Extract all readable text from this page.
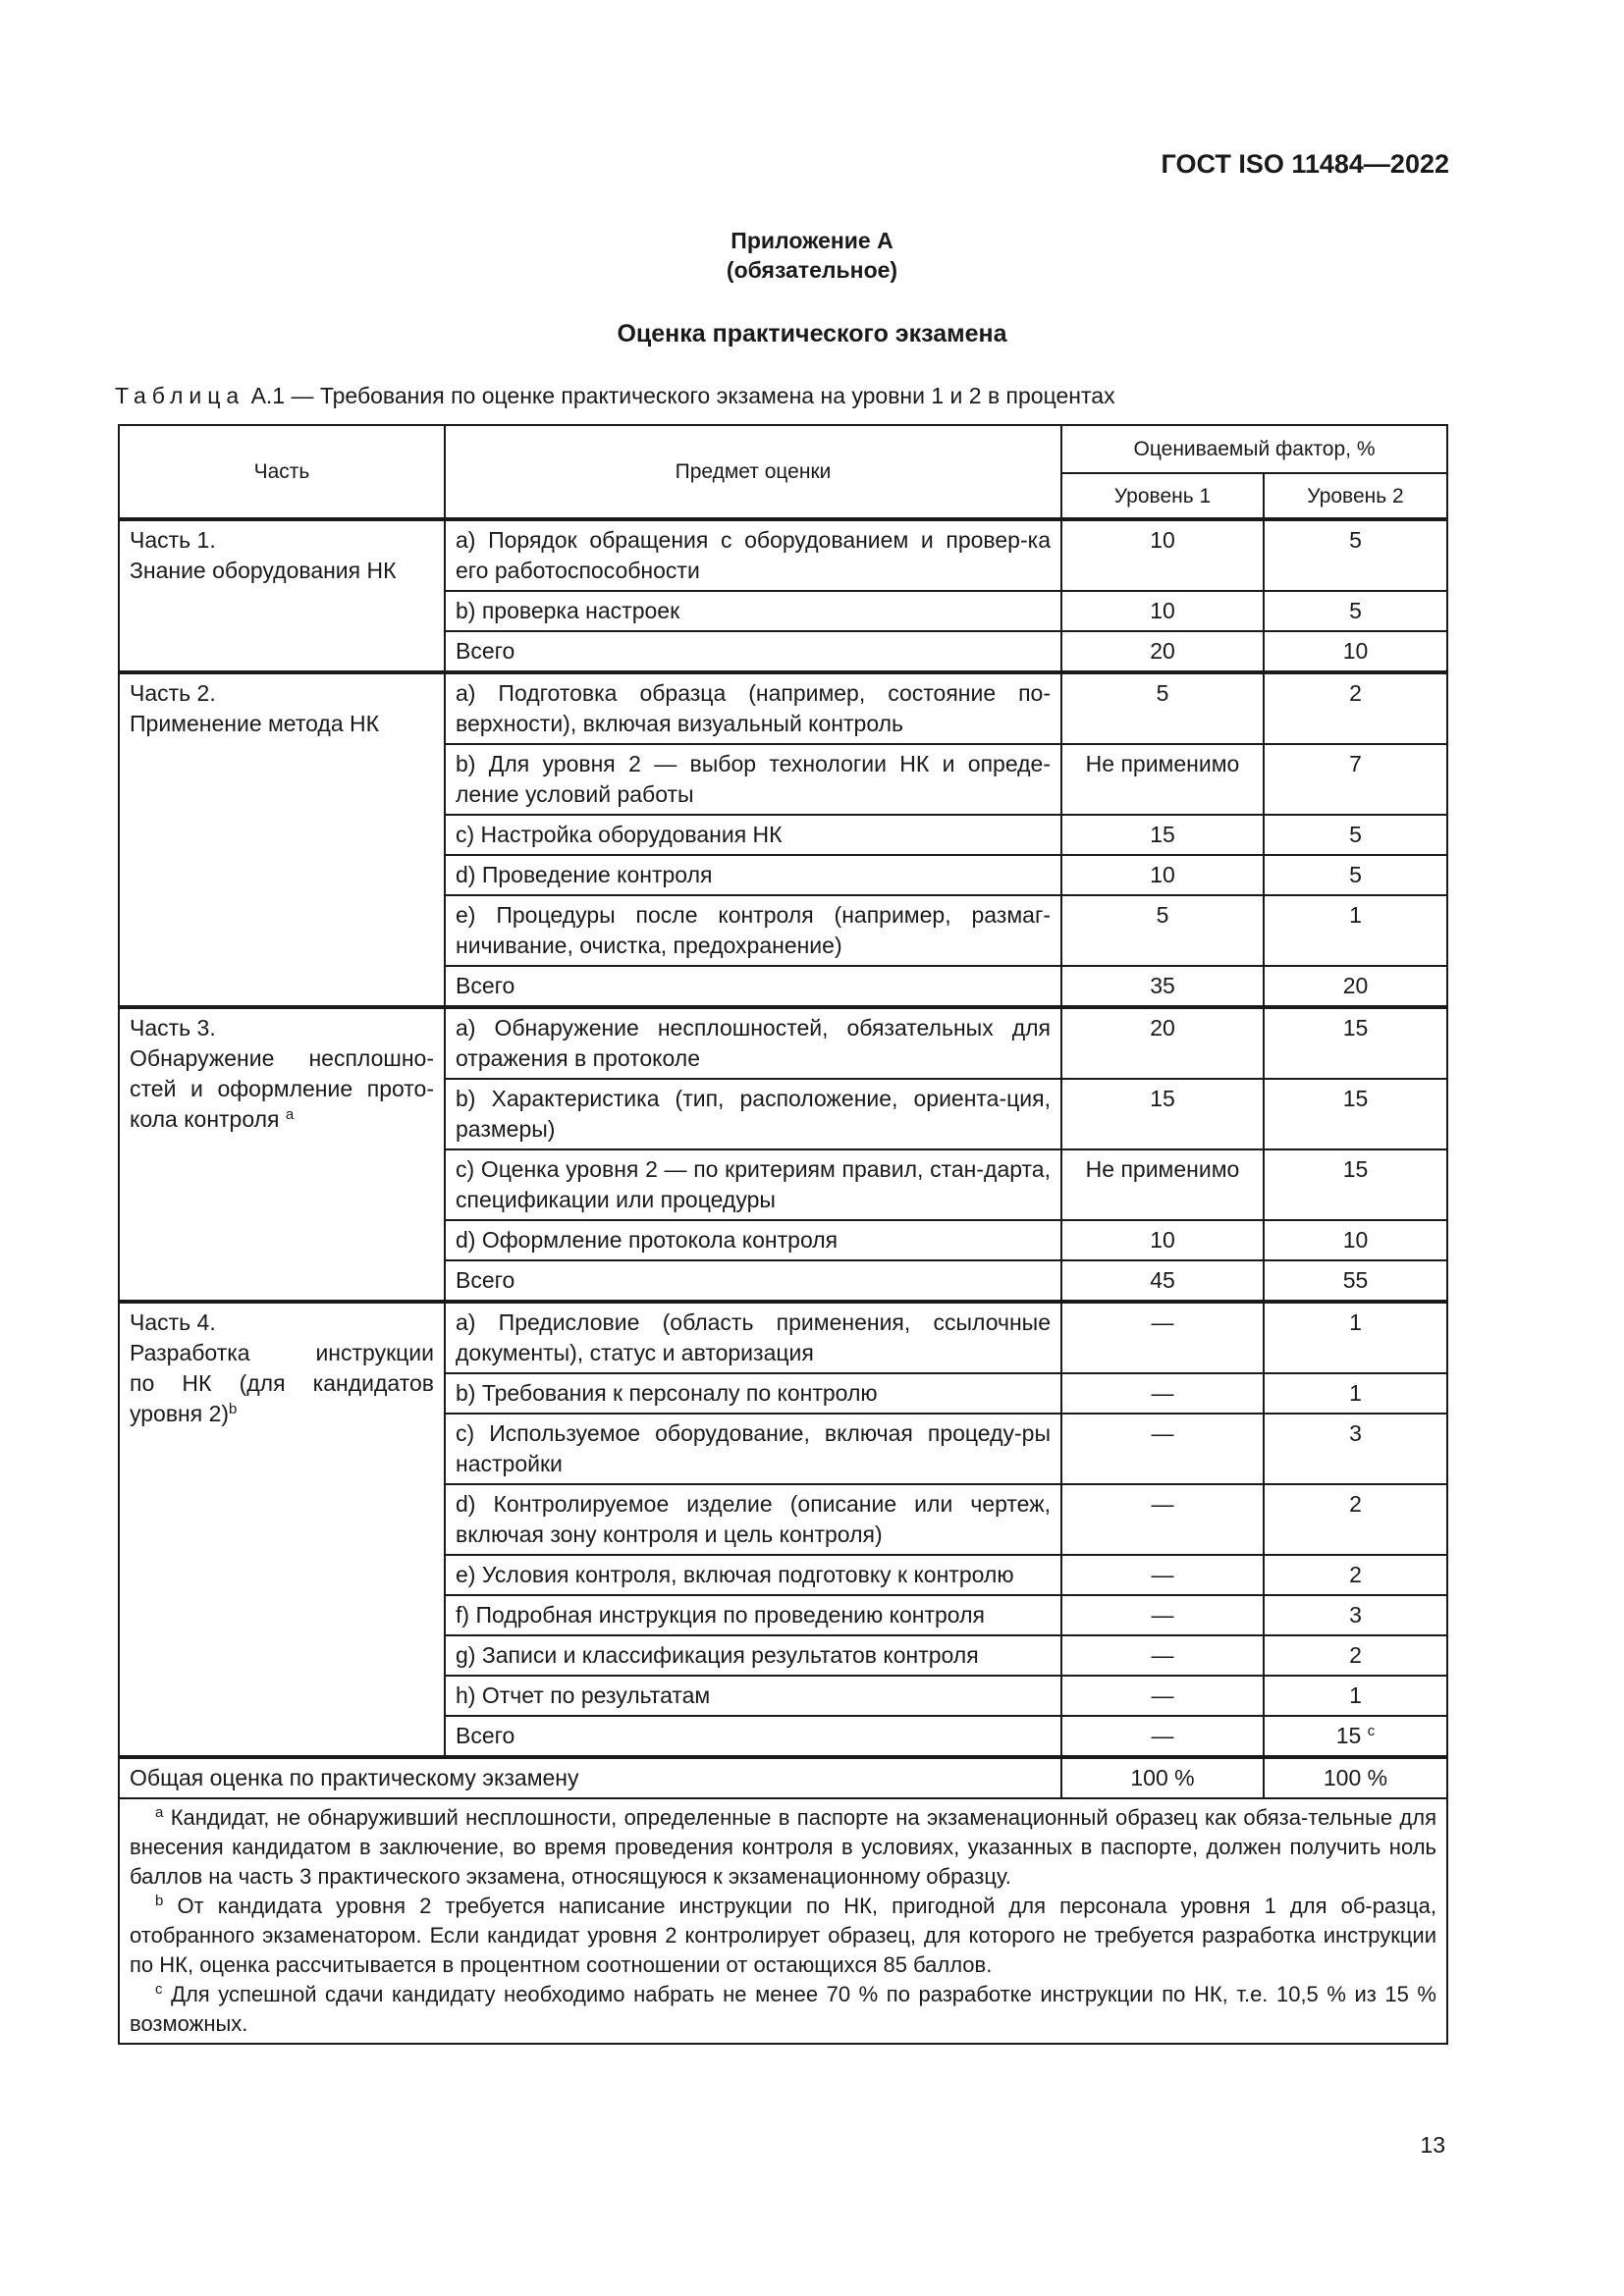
ГОСТ ISO 11484—2022
Приложение А
(обязательное)
Оценка практического экзамена
Таблица А.1 — Требования по оценке практического экзамена на уровни 1 и 2 в процентах
Часть	Предмет оценки	Оцениваемый фактор, %	
		Уровень 1	Уровень 2

Часть 1.
Знание оборудования НК	a) Порядок обращения с оборудованием и провер-ка его работоспособности	10	5
	b) проверка настроек	10	5
	Всего	20	10

Часть 2.
Применение метода НК	a) Подготовка образца (например, состояние по-верхности), включая визуальный контроль	5	2
	b) Для уровня 2 — выбор технологии НК и опреде-ление условий работы	Не применимо	7
	c) Настройка оборудования НК	15	5
	d) Проведение контроля	10	5
	e) Процедуры после контроля (например, размаг-ничивание, очистка, предохранение)	5	1
	Всего	35	20

Часть 3.
Обнаружение несплошно-
стей и оформление прото-
кола контроля $^a$	a) Обнаружение несплошностей, обязательных для отражения в протоколе	20	15
	b) Характеристика (тип, расположение, ориента-ция, размеры)	15	15
	c) Оценка уровня 2 — по критериям правил, стан-дарта, спецификации или процедуры	Не применимо	15
	d) Оформление протокола контроля	10	10
	Всего	45	55

Часть 4.
Разработка инструкции
по НК (для кандидатов
уровня 2)$^b$	a) Предисловие (область применения, ссылочные документы), статус и авторизация	—	1
	b) Требования к персоналу по контролю	—	1
	c) Используемое оборудование, включая процеду-ры настройки	—	3
	d) Контролируемое изделие (описание или чертеж, включая зону контроля и цель контроля)	—	2
	e) Условия контроля, включая подготовку к контролю	—	2
	f) Подробная инструкция по проведению контроля	—	3
	g) Записи и классификация результатов контроля	—	2
	h) Отчет по результатам	—	1
	Всего	—	15 $^c$
Общая оценка по практическому экзамену		100 %	100 %

$^a$ Кандидат, не обнаруживший несплошности, определенные в паспорте на экзаменационный образец как обяза-тельные для внесения кандидатом в заключение, во время проведения контроля в условиях, указанных в паспорте, должен получить ноль баллов на часть 3 практического экзамена, относящуюся к экзаменационному образцу.
$^b$ От кандидата уровня 2 требуется написание инструкции по НК, пригодной для персонала уровня 1 для об-разца, отобранного экзаменатором. Если кандидат уровня 2 контролирует образец, для которого не требуется разработка инструкции по НК, оценка рассчитывается в процентном соотношении от остающихся 85 баллов.
$^c$ Для успешной сдачи кандидату необходимо набрать не менее 70 % по разработке инструкции по НК, т.е. 10,5 % из 15 % возможных.			
13
